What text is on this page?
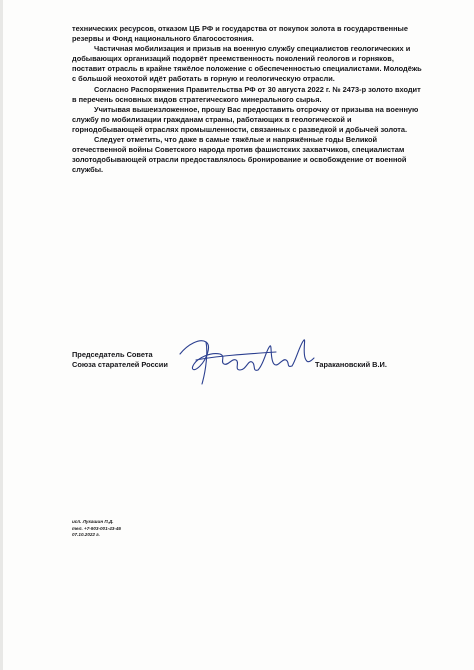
технических ресурсов, отказом ЦБ РФ и государства от покупок золота в государственные резервы и Фонд национального благосостояния.

Частичная мобилизация и призыв на военную службу специалистов геологических и добывающих организаций подорвёт преемственность поколений геологов и горняков, поставит отрасль в крайне тяжёлое положение с обеспеченностью специалистами. Молодёжь с большой неохотой идёт работать в горную и геологическую отрасли.

Согласно Распоряжения Правительства РФ от 30 августа 2022 г. № 2473-р золото входит в перечень основных видов стратегического минерального сырья.

Учитывая вышеизложенное, прошу Вас предоставить отсрочку от призыва на военную службу по мобилизации гражданам страны, работающих в геологической и горнодобывающей отраслях промышленности, связанных с разведкой и добычей золота.

Следует отметить, что даже в самые тяжёлые и напряжённые годы Великой отечественной войны Советского народа против фашистских захватчиков, специалистам золотодобывающей отрасли предоставлялось бронирование и освобождение от военной службы.

Председатель Совета
Союза старателей России	Таракановский В.И.
исп. Лукашин П.Д.
тел. +7-903-001-43-46
07.10.2022 г.
